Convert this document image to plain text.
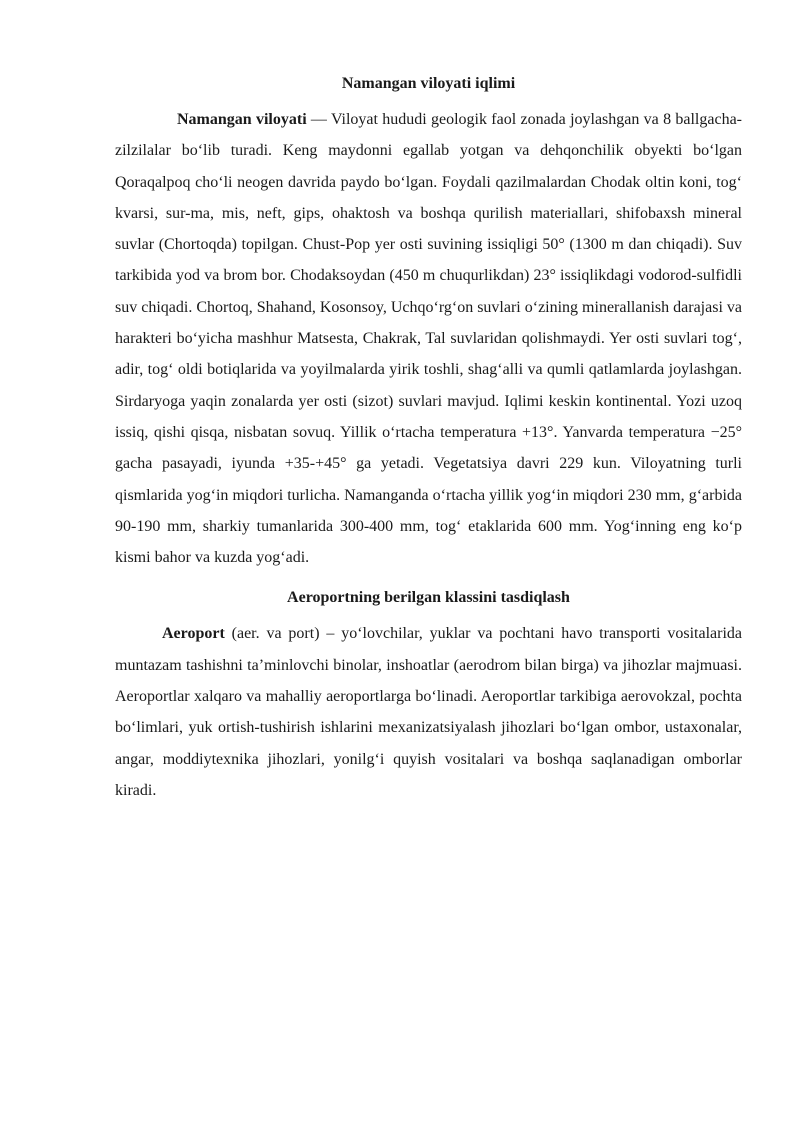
Namangan viloyati iqlimi

Namangan viloyati — Viloyat hududi geologik faol zonada joylashgan va 8 ballgacha-zilzilalar boʻlib turadi. Keng maydonni egallab yotgan va dehqonchilik obyekti boʻlgan Qoraqalpoq choʻli neogen davrida paydo boʻlgan. Foydali qazilmalardan Chodak oltin koni, togʻ kvarsi, sur-ma, mis, neft, gips, ohaktosh va boshqa qurilish materiallari, shifobaxsh mineral suvlar (Chortoqda) topilgan. Chust-Pop yer osti suvining issiqligi 50° (1300 m dan chiqadi). Suv tarkibida yod va brom bor. Chodaksoydan (450 m chuqurlikdan) 23° issiqlikdagi vodorod-sulfidli suv chiqadi. Chortoq, Shahand, Kosonsoy, Uchqoʻrgʻon suvlari oʻzining minerallanish darajasi va harakteri boʻyicha mashhur Matsesta, Chakrak, Tal suvlaridan qolishmaydi. Yer osti suvlari togʻ, adir, togʻ oldi botiqlarida va yoyilmalarda yirik toshli, shagʻalli va qumli qatlamlarda joylashgan. Sirdaryoga yaqin zonalarda yer osti (sizot) suvlari mavjud. Iqlimi keskin kontinental. Yozi uzoq issiq, qishi qisqa, nisbatan sovuq. Yillik oʻrtacha temperatura +13°. Yanvarda temperatura −25° gacha pasayadi, iyunda +35-+45° ga yetadi. Vegetatsiya davri 229 kun. Viloyatning turli qismlarida yogʻin miqdori turlicha. Namanganda oʻrtacha yillik yogʻin miqdori 230 mm, gʻarbida 90-190 mm, sharkiy tumanlarida 300-400 mm, togʻ etaklarida 600 mm. Yogʻinning eng koʻp kismi bahor va kuzda yogʻadi.

Aeroportning berilgan klassini tasdiqlash

Aeroport (aer. va port) – yoʻlovchilar, yuklar va pochtani havo transporti vositalarida muntazam tashishni ta’minlovchi binolar, inshoatlar (aerodrom bilan birga) va jihozlar majmuasi. Aeroportlar xalqaro va mahalliy aeroportlarga boʻlinadi. Aeroportlar tarkibiga aerovokzal, pochta boʻlimlari, yuk ortish-tushirish ishlarini mexanizatsiyalash jihozlari boʻlgan ombor, ustaxonalar, angar, moddiytexnika jihozlari, yonilgʻi quyish vositalari va boshqa saqlanadigan omborlar kiradi.
